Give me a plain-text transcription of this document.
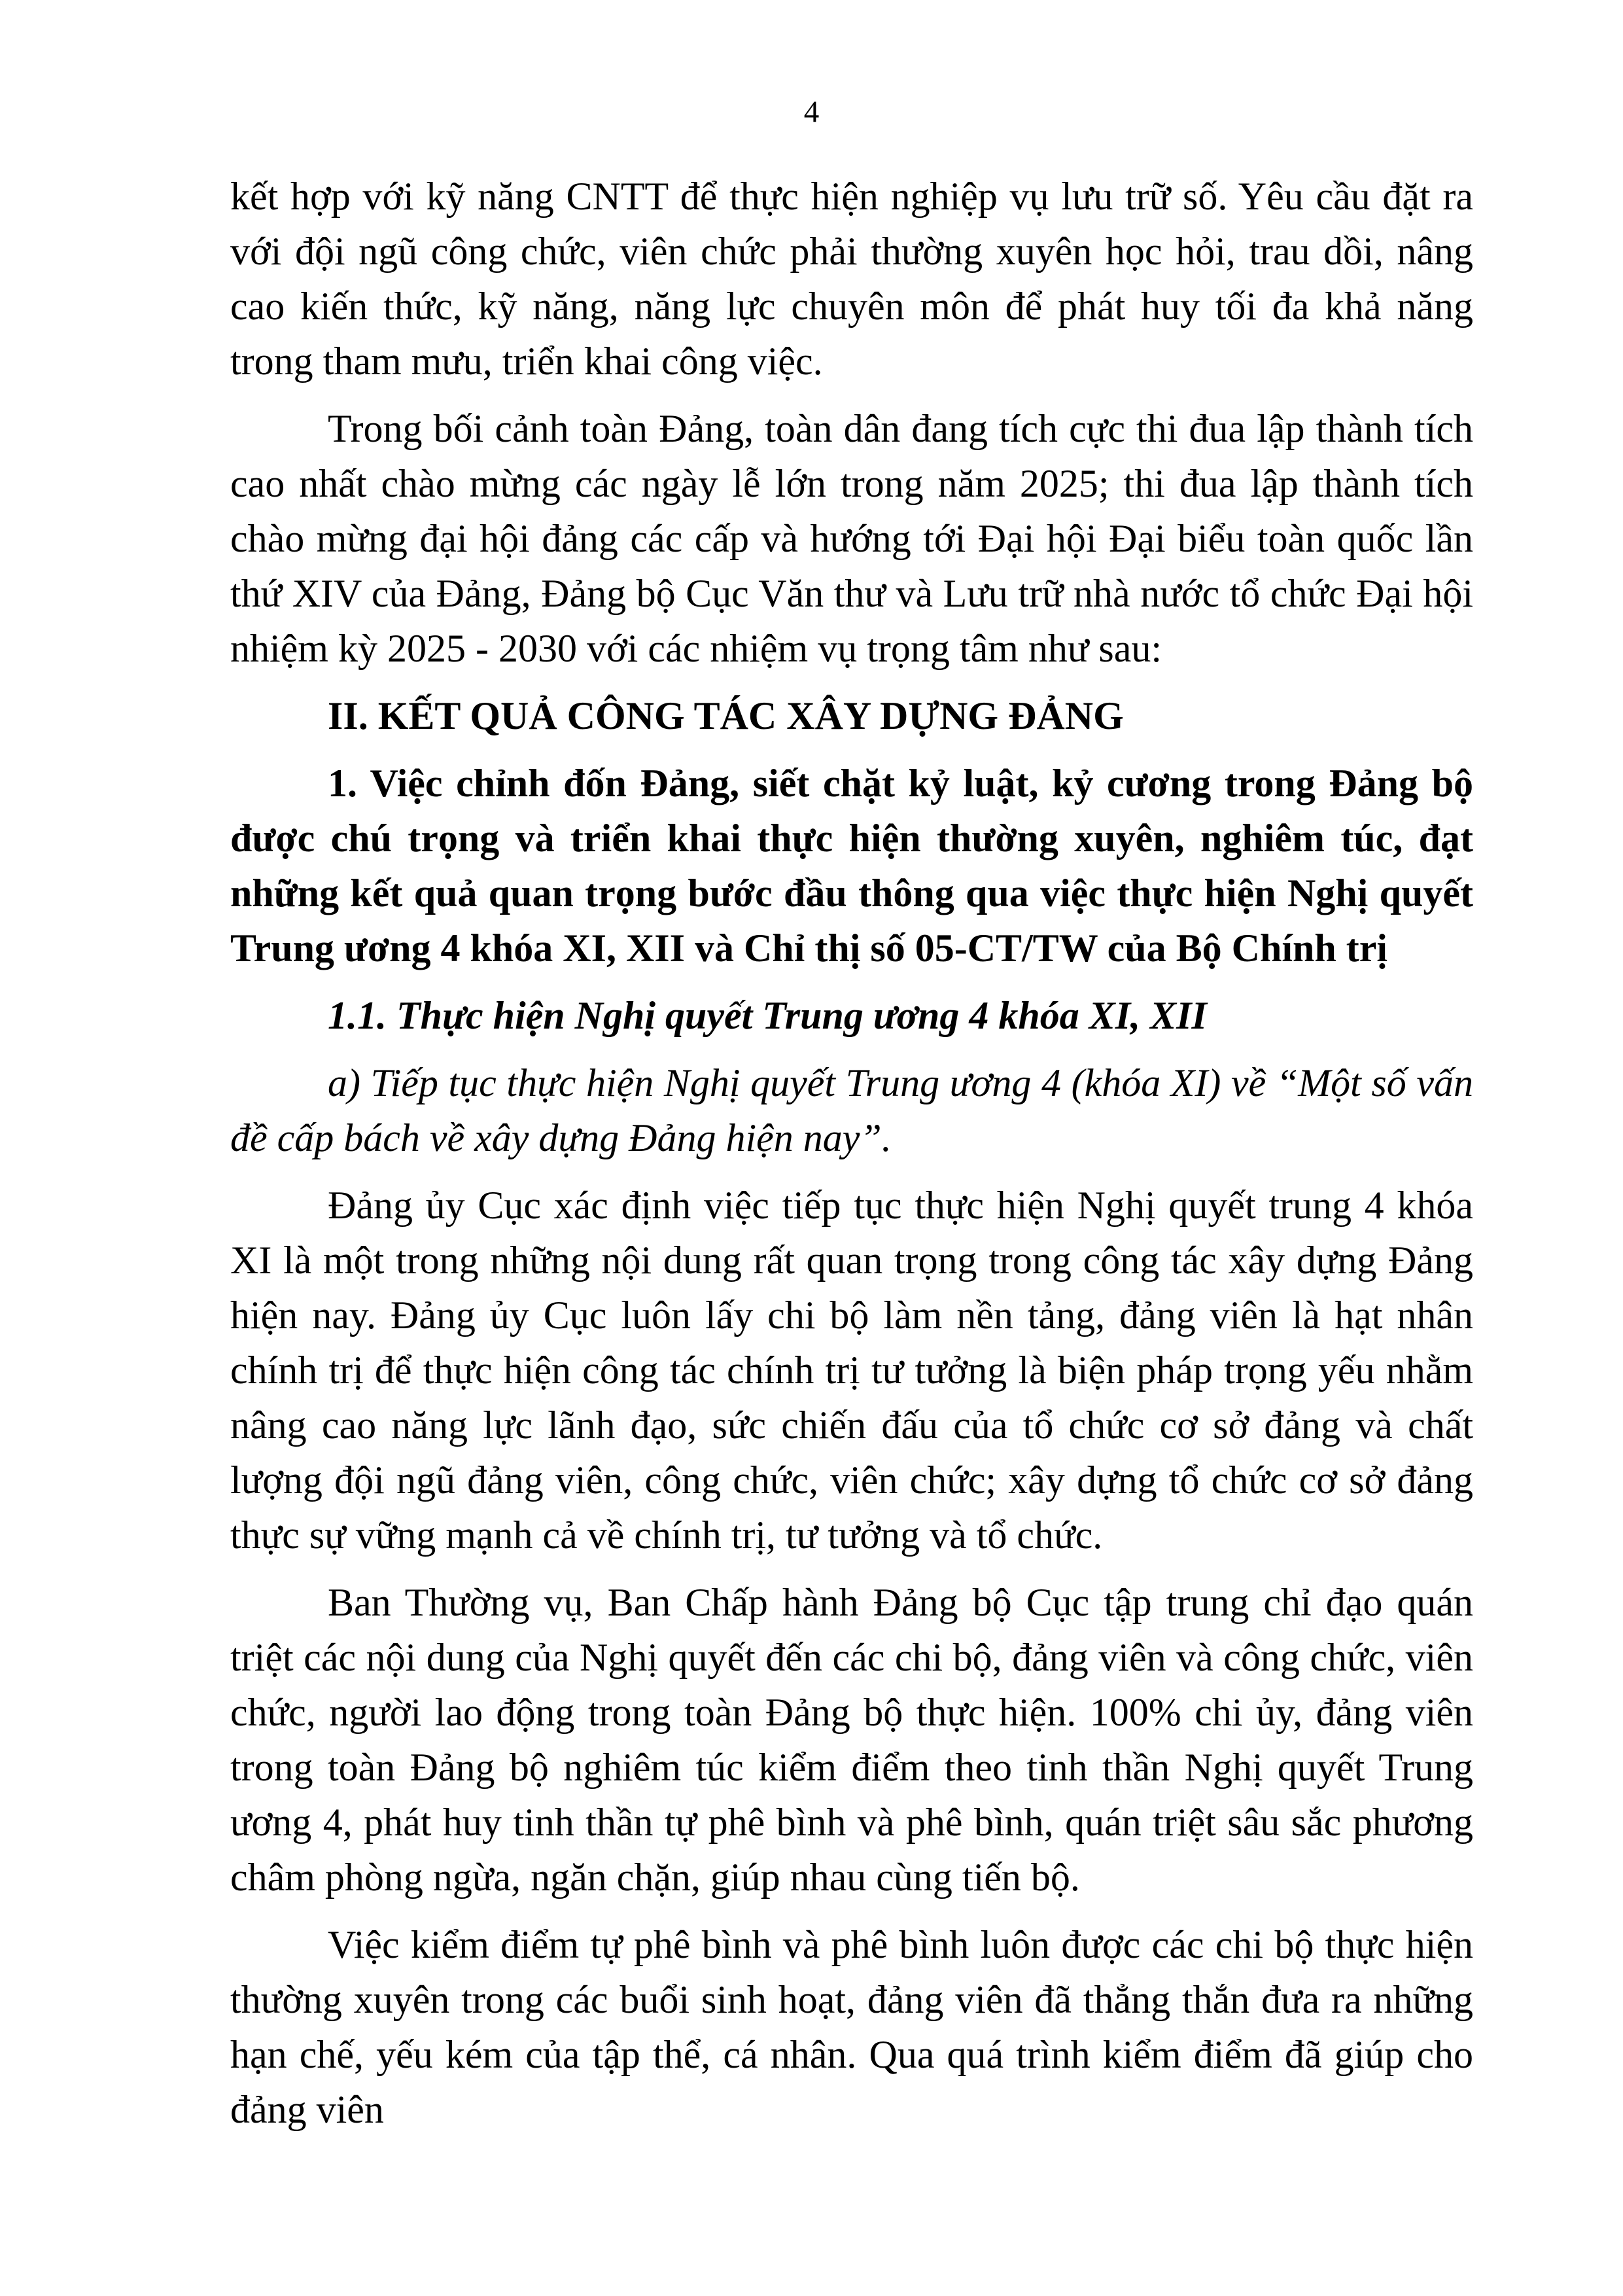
4

kết hợp với kỹ năng CNTT để thực hiện nghiệp vụ lưu trữ số. Yêu cầu đặt ra với đội ngũ công chức, viên chức phải thường xuyên học hỏi, trau dồi, nâng cao kiến thức, kỹ năng, năng lực chuyên môn để phát huy tối đa khả năng trong tham mưu, triển khai công việc.

Trong bối cảnh toàn Đảng, toàn dân đang tích cực thi đua lập thành tích cao nhất chào mừng các ngày lễ lớn trong năm 2025; thi đua lập thành tích chào mừng đại hội đảng các cấp và hướng tới Đại hội Đại biểu toàn quốc lần thứ XIV của Đảng, Đảng bộ Cục Văn thư và Lưu trữ nhà nước tổ chức Đại hội nhiệm kỳ 2025 - 2030 với các nhiệm vụ trọng tâm như sau:

II. KẾT QUẢ CÔNG TÁC XÂY DỰNG ĐẢNG

1. Việc chỉnh đốn Đảng, siết chặt kỷ luật, kỷ cương trong Đảng bộ được chú trọng và triển khai thực hiện thường xuyên, nghiêm túc, đạt những kết quả quan trọng bước đầu thông qua việc thực hiện Nghị quyết Trung ương 4 khóa XI, XII và Chỉ thị số 05-CT/TW của Bộ Chính trị

1.1. Thực hiện Nghị quyết Trung ương 4 khóa XI, XII

a) Tiếp tục thực hiện Nghị quyết Trung ương 4 (khóa XI) về “Một số vấn đề cấp bách về xây dựng Đảng hiện nay”.

Đảng ủy Cục xác định việc tiếp tục thực hiện Nghị quyết trung 4 khóa XI là một trong những nội dung rất quan trọng trong công tác xây dựng Đảng hiện nay. Đảng ủy Cục luôn lấy chi bộ làm nền tảng, đảng viên là hạt nhân chính trị để thực hiện công tác chính trị tư tưởng là biện pháp trọng yếu nhằm nâng cao năng lực lãnh đạo, sức chiến đấu của tổ chức cơ sở đảng và chất lượng đội ngũ đảng viên, công chức, viên chức; xây dựng tổ chức cơ sở đảng thực sự vững mạnh cả về chính trị, tư tưởng và tổ chức.

Ban Thường vụ, Ban Chấp hành Đảng bộ Cục tập trung chỉ đạo quán triệt các nội dung của Nghị quyết đến các chi bộ, đảng viên và công chức, viên chức, người lao động trong toàn Đảng bộ thực hiện. 100% chi ủy, đảng viên trong toàn Đảng bộ nghiêm túc kiểm điểm theo tinh thần Nghị quyết Trung ương 4, phát huy tinh thần tự phê bình và phê bình, quán triệt sâu sắc phương châm phòng ngừa, ngăn chặn, giúp nhau cùng tiến bộ.

Việc kiểm điểm tự phê bình và phê bình luôn được các chi bộ thực hiện thường xuyên trong các buổi sinh hoạt, đảng viên đã thẳng thắn đưa ra những hạn chế, yếu kém của tập thể, cá nhân. Qua quá trình kiểm điểm đã giúp cho đảng viên
